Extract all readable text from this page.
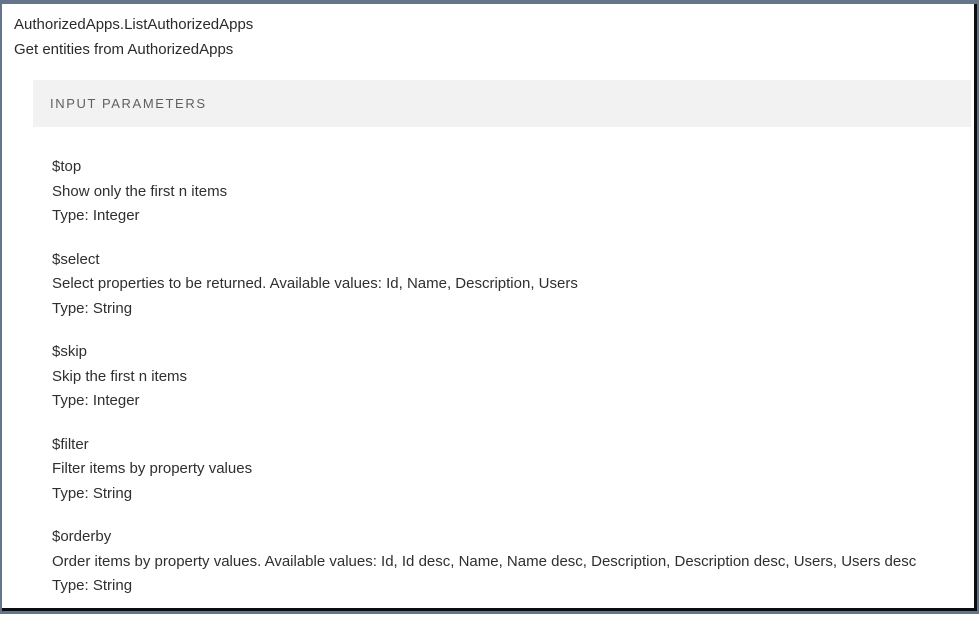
AuthorizedApps.ListAuthorizedApps
Get entities from AuthorizedApps
INPUT PARAMETERS
$top
Show only the first n items
Type: Integer
$select
Select properties to be returned. Available values: Id, Name, Description, Users
Type: String
$skip
Skip the first n items
Type: Integer
$filter
Filter items by property values
Type: String
$orderby
Order items by property values. Available values: Id, Id desc, Name, Name desc, Description, Description desc, Users, Users desc
Type: String
